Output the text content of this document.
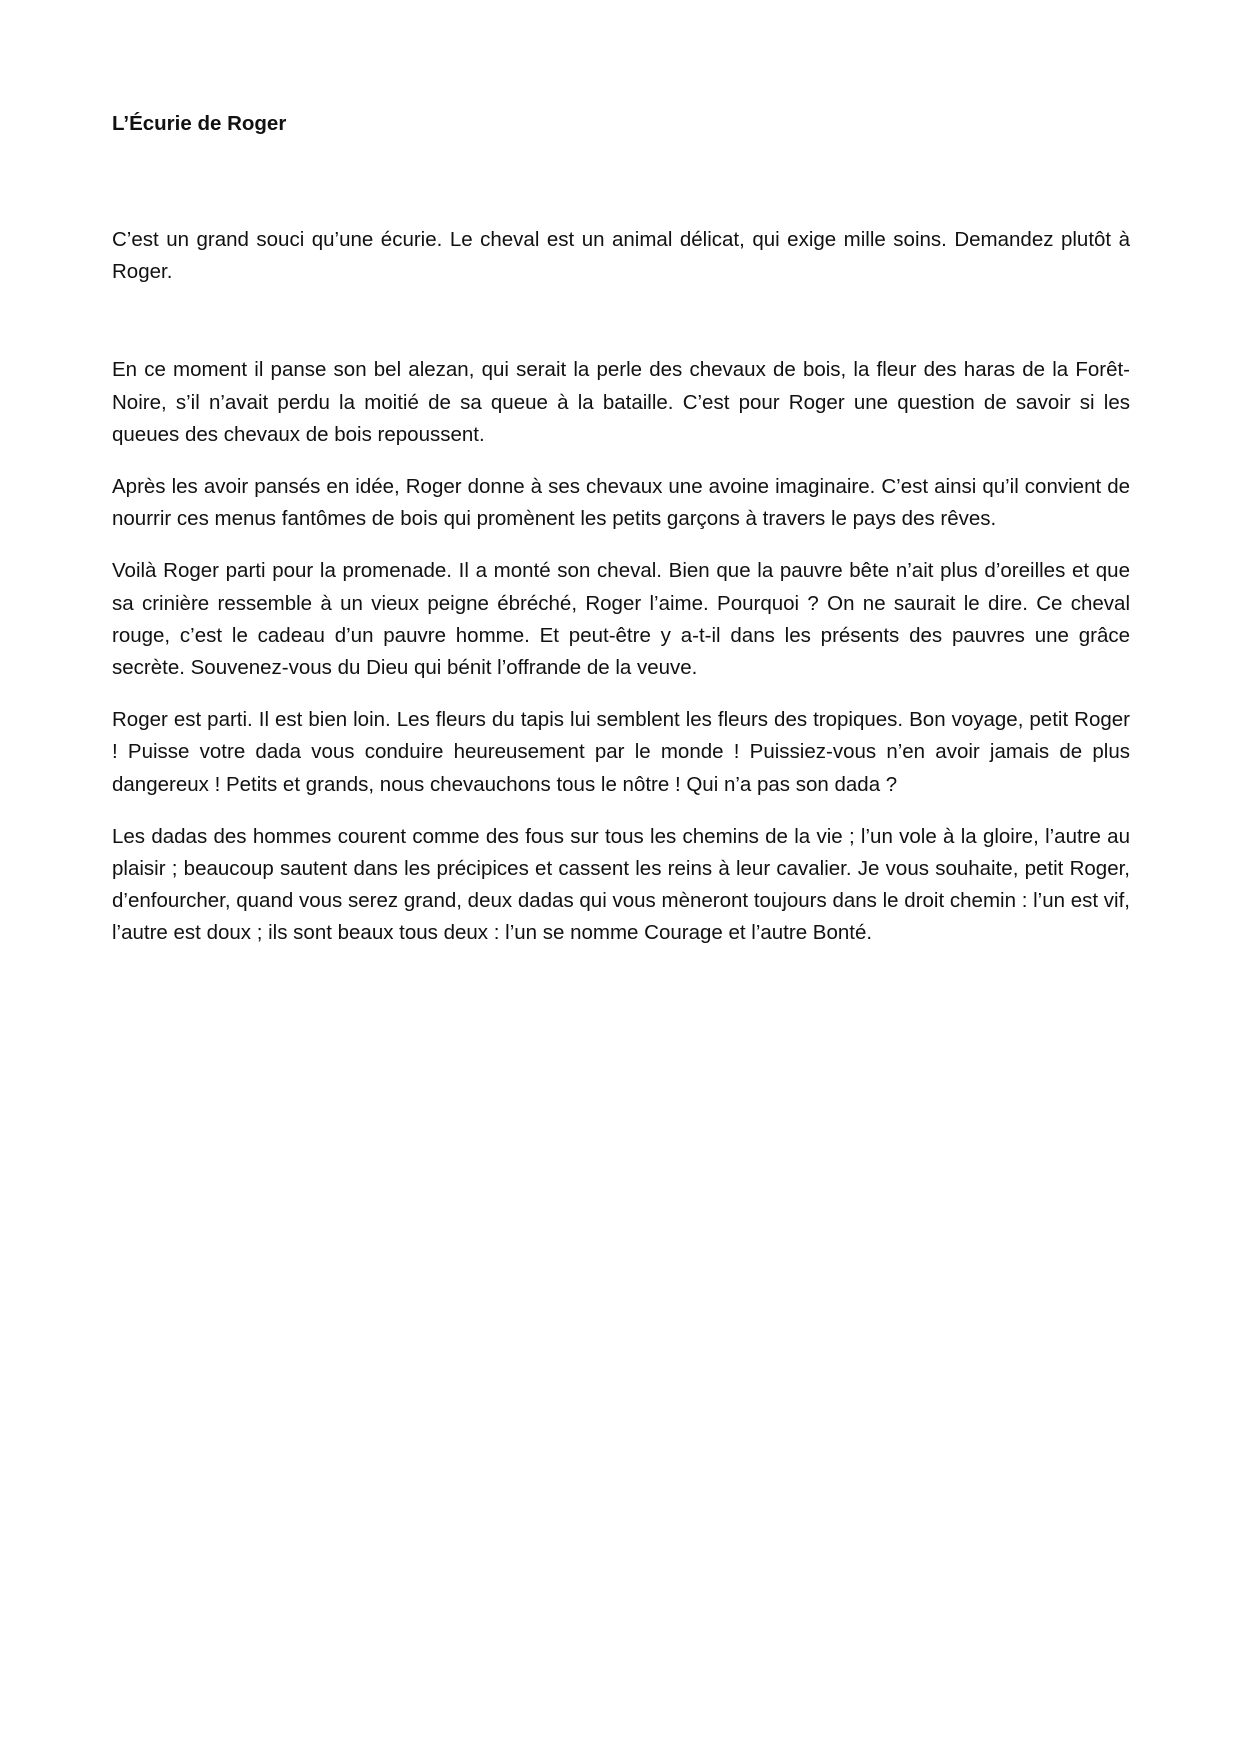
L’Écurie de Roger

C’est un grand souci qu’une écurie. Le cheval est un animal délicat, qui exige mille soins. Demandez plutôt à Roger.

En ce moment il panse son bel alezan, qui serait la perle des chevaux de bois, la fleur des haras de la Forêt-Noire, s’il n’avait perdu la moitié de sa queue à la bataille. C’est pour Roger une question de savoir si les queues des chevaux de bois repoussent.

Après les avoir pansés en idée, Roger donne à ses chevaux une avoine imaginaire. C’est ainsi qu’il convient de nourrir ces menus fantômes de bois qui promènent les petits garçons à travers le pays des rêves.

Voilà Roger parti pour la promenade. Il a monté son cheval. Bien que la pauvre bête n’ait plus d’oreilles et que sa crinière ressemble à un vieux peigne ébréché, Roger l’aime. Pourquoi ? On ne saurait le dire. Ce cheval rouge, c’est le cadeau d’un pauvre homme. Et peut-être y a-t-il dans les présents des pauvres une grâce secrète. Souvenez-vous du Dieu qui bénit l’offrande de la veuve.

Roger est parti. Il est bien loin. Les fleurs du tapis lui semblent les fleurs des tropiques. Bon voyage, petit Roger ! Puisse votre dada vous conduire heureusement par le monde ! Puissiez-vous n’en avoir jamais de plus dangereux ! Petits et grands, nous chevauchons tous le nôtre ! Qui n’a pas son dada ?

Les dadas des hommes courent comme des fous sur tous les chemins de la vie ; l’un vole à la gloire, l’autre au plaisir ; beaucoup sautent dans les précipices et cassent les reins à leur cavalier. Je vous souhaite, petit Roger, d’enfourcher, quand vous serez grand, deux dadas qui vous mèneront toujours dans le droit chemin : l’un est vif, l’autre est doux ; ils sont beaux tous deux : l’un se nomme Courage et l’autre Bonté.
